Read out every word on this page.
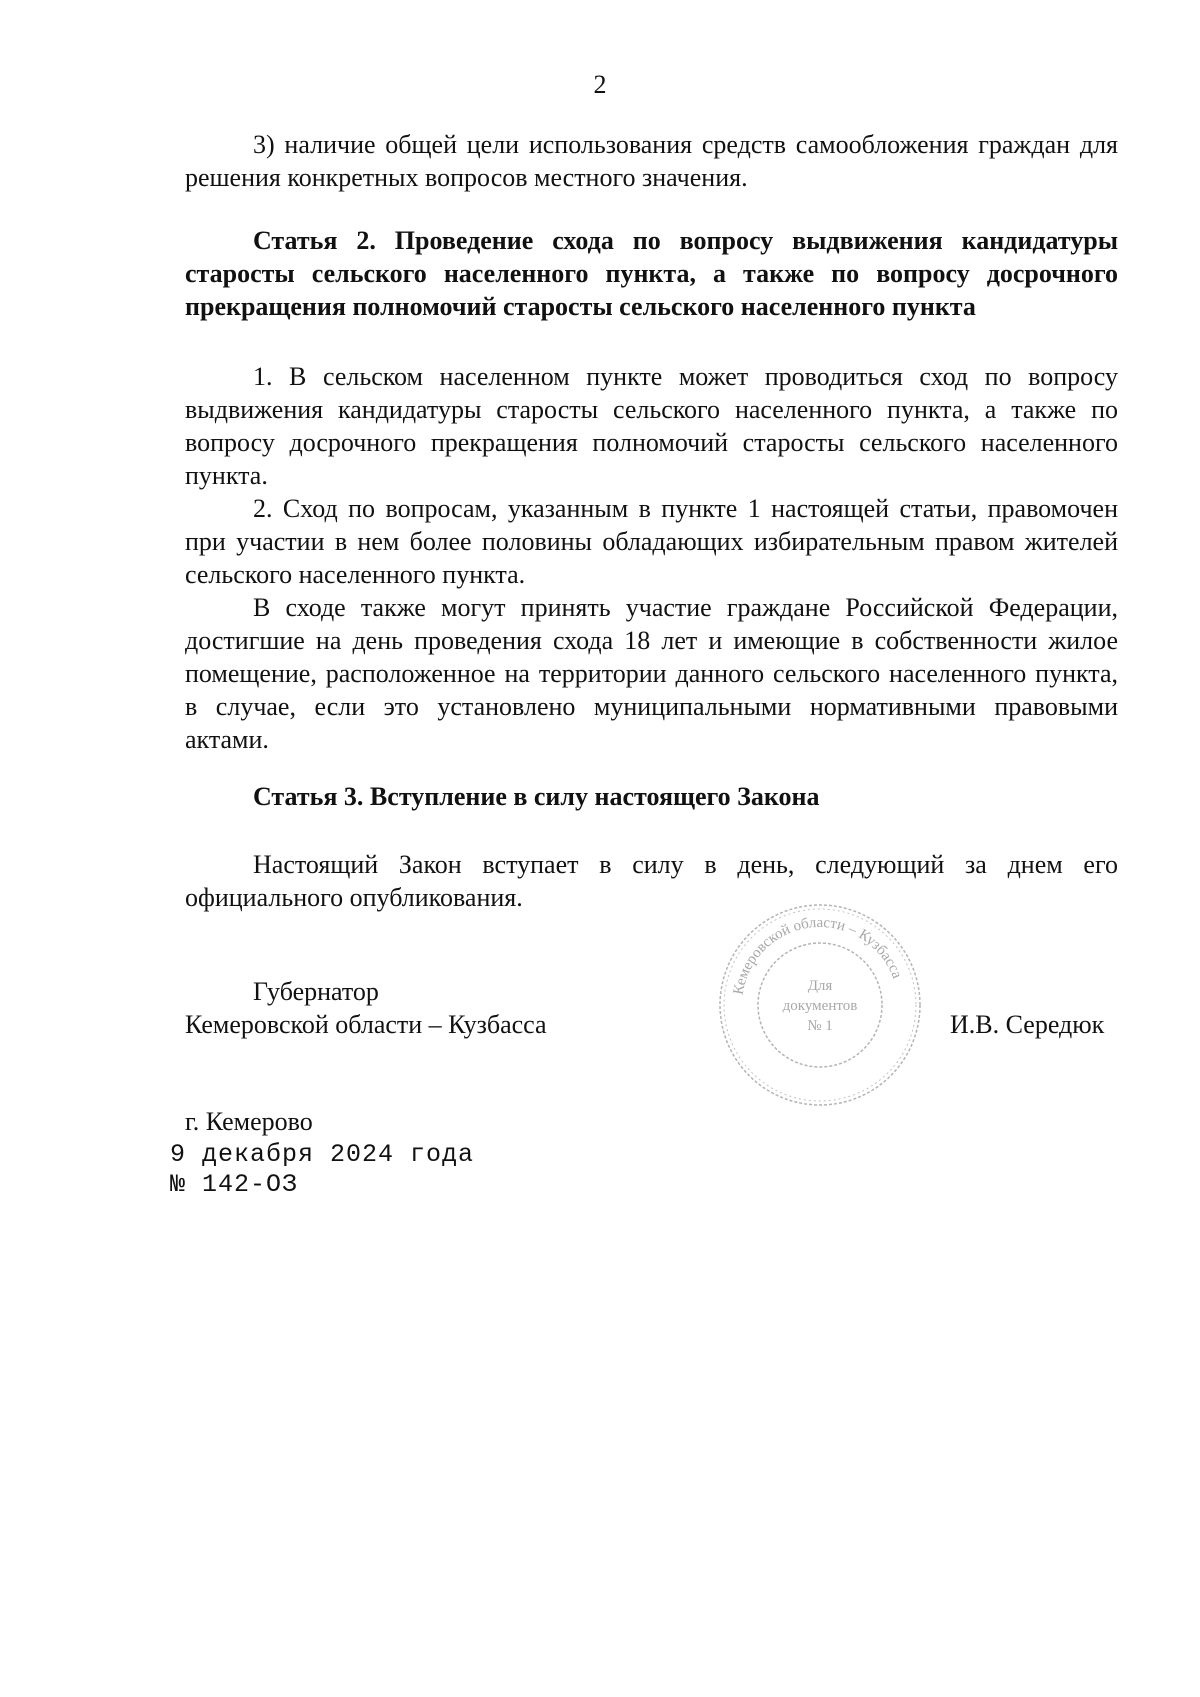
2

3) наличие общей цели использования средств самообложения граждан для решения конкретных вопросов местного значения.

Статья 2. Проведение схода по вопросу выдвижения кандидатуры старосты сельского населенного пункта, а также по вопросу досрочного прекращения полномочий старосты сельского населенного пункта

1. В сельском населенном пункте может проводиться сход по вопросу выдвижения кандидатуры старосты сельского населенного пункта, а также по вопросу досрочного прекращения полномочий старосты сельского населенного пункта.

2. Сход по вопросам, указанным в пункте 1 настоящей статьи, правомочен при участии в нем более половины обладающих избирательным правом жителей сельского населенного пункта.

В сходе также могут принять участие граждане Российской Федерации, достигшие на день проведения схода 18 лет и имеющие в собственности жилое помещение, расположенное на территории данного сельского населенного пункта, в случае, если это установлено муниципальными нормативными правовыми актами.

Статья 3. Вступление в силу настоящего Закона

Настоящий Закон вступает в силу в день, следующий за днем его официального опубликования.

Губернатор
Кемеровской области – Кузбасса
Кемеровской области – Кузбасса
Для
документов
№ 1	И.В. Середюк
г. Кемерово
9 декабря 2024 года
№ 142-ОЗ
